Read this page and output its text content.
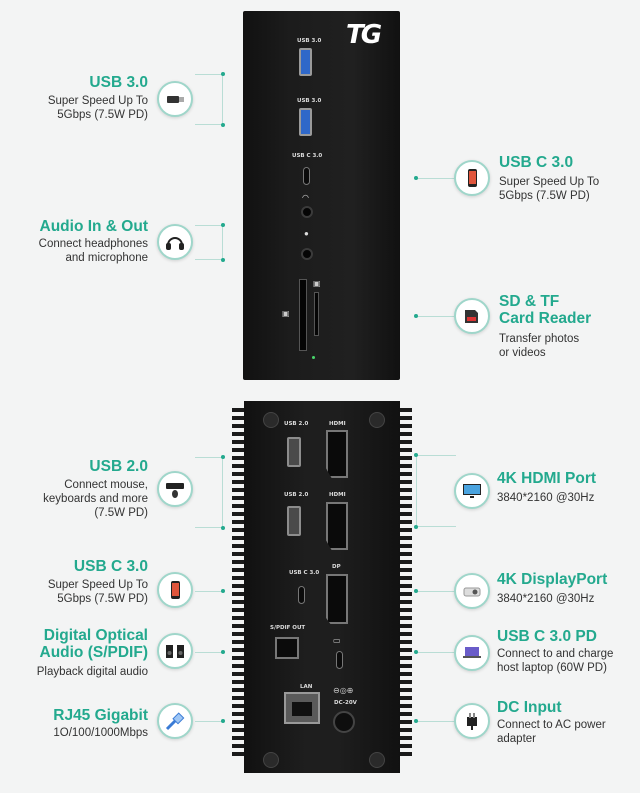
TG
USB 3.0
USB 3.0
USB C 3.0
◠
●
▣
▣
USB 2.0
USB 2.0
HDMI
HDMI
USB C 3.0
DP
S/PDIF OUT
▭
LAN	⊖◎⊕
DC-20V
USB 3.0
Super Speed Up To
5Gbps (7.5W PD)
Audio In & Out
Connect headphones
and microphone
USB 2.0
Connect mouse,
keyboards and more
(7.5W PD)
USB C 3.0
Super Speed Up To
5Gbps (7.5W PD)
Digital Optical
Audio (S/PDIF)
Playback digital audio
RJ45 Gigabit
1O/100/1000Mbps
USB C 3.0
Super Speed Up To
5Gbps (7.5W PD)
SD & TF
Card Reader
Transfer photos
or videos
4K HDMI Port
3840*2160 @30Hz
4K DisplayPort
3840*2160 @30Hz
USB C 3.0 PD
Connect to and charge
host laptop (60W PD)
DC Input
Connect to AC power
adapter
